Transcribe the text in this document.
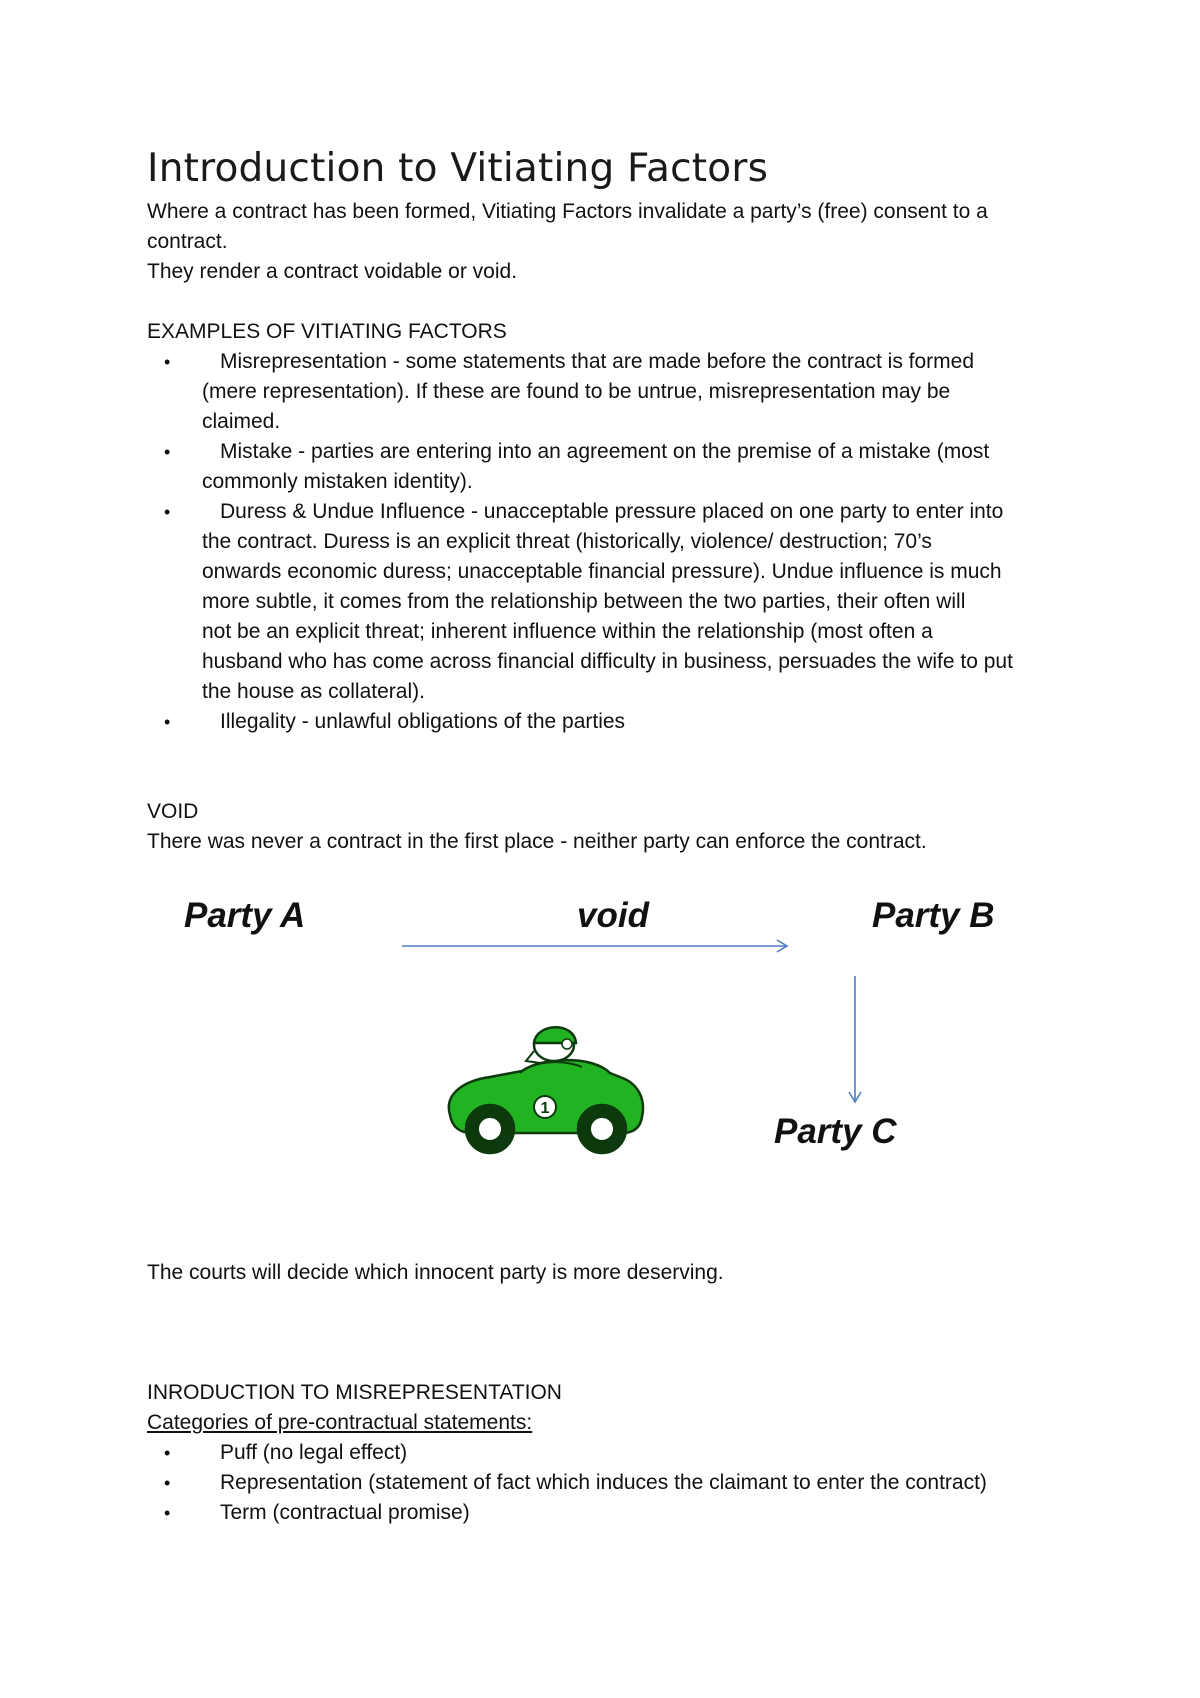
Introduction to Vitiating Factors

Where a contract has been formed, Vitiating Factors invalidate a party’s (free) consent to a

contract.

They render a contract voidable or void.

EXAMPLES OF VITIATING FACTORS

•	Misrepresentation - some statements that are made before the contract is formed
(mere representation). If these are found to be untrue, misrepresentation may be
claimed.
•	Mistake - parties are entering into an agreement on the premise of a mistake (most
commonly mistaken identity).
•	Duress & Undue Influence - unacceptable pressure placed on one party to enter into
the contract. Duress is an explicit threat (historically, violence/ destruction; 70’s
onwards economic duress; unacceptable financial pressure). Undue influence is much
more subtle, it comes from the relationship between the two parties, their often will
not be an explicit threat; inherent influence within the relationship (most often a
husband who has come across financial difficulty in business, persuades the wife to put
the house as collateral).
•	Illegality - unlawful obligations of the parties

VOID

There was never a contract in the first place - neither party can enforce the contract.

Party A	void	Party B
Party C
1

The courts will decide which innocent party is more deserving.

INRODUCTION TO MISREPRESENTATION

Categories of pre-contractual statements:

• Puff (no legal effect)
• Representation (statement of fact which induces the claimant to enter the contract)
• Term (contractual promise)
